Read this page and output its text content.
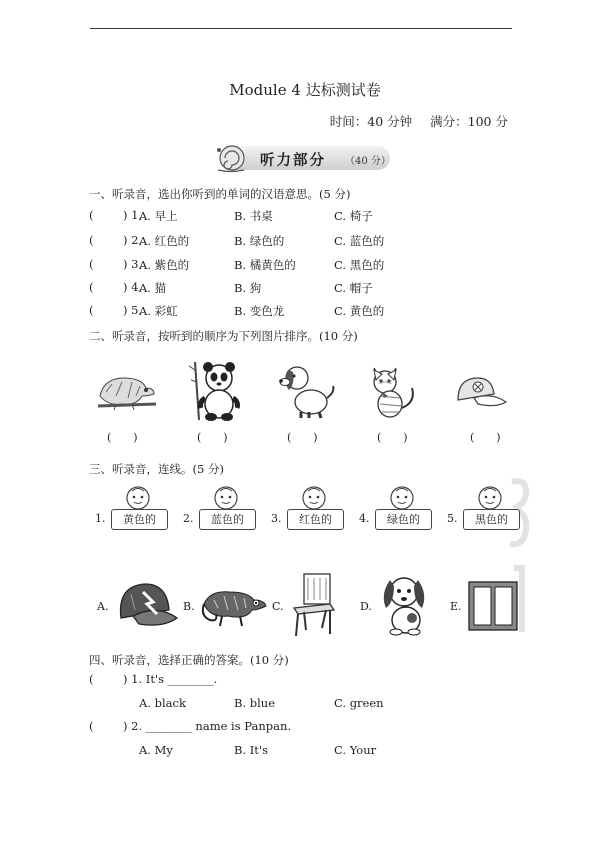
Module 4 达标测试卷
时间：40 分钟 满分：100 分
听力部分 （40 分）
一、听录音，选出你听到的单词的汉语意思。(5 分)
(	) 1.
A. 早上	B. 书桌	C. 椅子
(	) 2.
A. 红色的	B. 绿色的	C. 蓝色的
(	) 3.
A. 紫色的	B. 橘黄色的	C. 黑色的
(	) 4.
A. 猫	B. 狗	C. 帽子
(	) 5.
A. 彩虹	B. 变色龙	C. 黄色的
二、听录音，按听到的顺序为下列图片排序。(10 分)
( )	( )	( )	( )	( )
三、听录音，连线。(5 分)
1.	黄色的	2.	蓝色的	3.	红色的	4.	绿色的	5.	黑色的
A.	B.	C.	D.	E.
四、听录音，选择正确的答案。(10 分)
(	) 1. It's ________.
A. black	B. blue	C. green
(	) 2. ________ name is Panpan.
A. My	B. It's	C. Your
